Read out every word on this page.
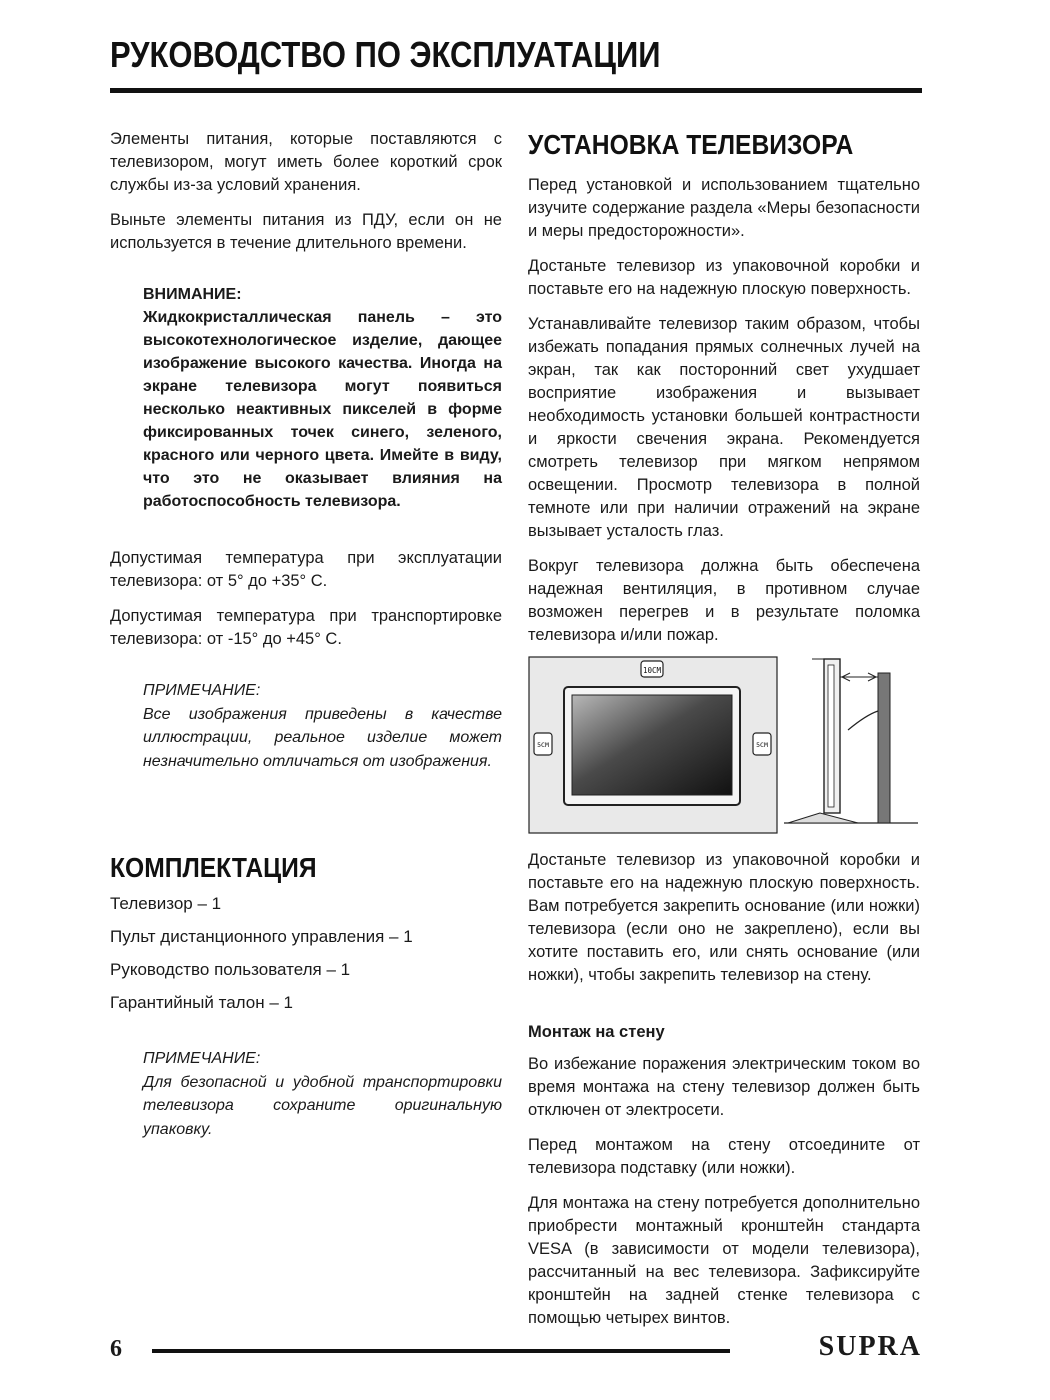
РУКОВОДСТВО ПО ЭКСПЛУАТАЦИИ

Элементы питания, которые поставляются с телевизором, могут иметь более короткий срок службы из-за условий хранения.

Выньте элементы питания из ПДУ, если он не используется в течение длительного времени.

ВНИМАНИЕ:
Жидкокристаллическая панель – это высокотехнологическое изделие, дающее изображение высокого качества. Иногда на экране телевизора могут появиться несколько неактивных пикселей в форме фиксированных точек синего, зеленого, красного или черного цвета. Имейте в виду, что это не оказывает влияния на работоспособность телевизора.

Допустимая температура при эксплуатации телевизора: от 5° до +35° С.

Допустимая температура при транспортировке телевизора: от -15° до +45° С.

ПРИМЕЧАНИЕ:
Все изображения приведены в качестве иллюстрации, реальное изделие может незначительно отличаться от изображения.
КОМПЛЕКТАЦИЯ
Телевизор – 1
Пульт дистанционного управления – 1
Руководство пользователя – 1
Гарантийный талон – 1
ПРИМЕЧАНИЕ:
Для безопасной и удобной транспортировки телевизора сохраните оригинальную упаковку.
УСТАНОВКА ТЕЛЕВИЗОРА

Перед установкой и использованием тщательно изучите содержание раздела «Меры безопасности и меры предосторожности».

Достаньте телевизор из упаковочной коробки и поставьте его на надежную плоскую поверхность.

Устанавливайте телевизор таким образом, чтобы избежать попадания прямых солнечных лучей на экран, так как посторонний свет ухудшает восприятие изображения и вызывает необходимость установки большей контрастности и яркости свечения экрана. Рекомендуется смотреть телевизор при мягком непрямом освещении. Просмотр телевизора в полной темноте или при наличии отражений на экране вызывает усталость глаз.

Вокруг телевизора должна быть обеспечена надежная вентиляция, в противном случае возможен перегрев и в результате поломка телевизора и/или пожар.

10CM
5CM	5CM

Достаньте телевизор из упаковочной коробки и поставьте его на надежную плоскую поверхность. Вам потребуется закрепить основание (или ножки) телевизора (если оно не закреплено), если вы хотите поставить его, или снять основание (или ножки), чтобы закрепить телевизор на стену.

Монтаж на стену

Во избежание поражения электрическим током во время монтажа на стену телевизор должен быть отключен от электросети.

Перед монтажом на стену отсоедините от телевизора подставку (или ножки).

Для монтажа на стену потребуется дополнительно приобрести монтажный кронштейн стандарта VESA (в зависимости от модели телевизора), рассчитанный на вес телевизора. Зафиксируйте кронштейн на задней стенке телевизора с помощью четырех винтов.

6	SUPRA
